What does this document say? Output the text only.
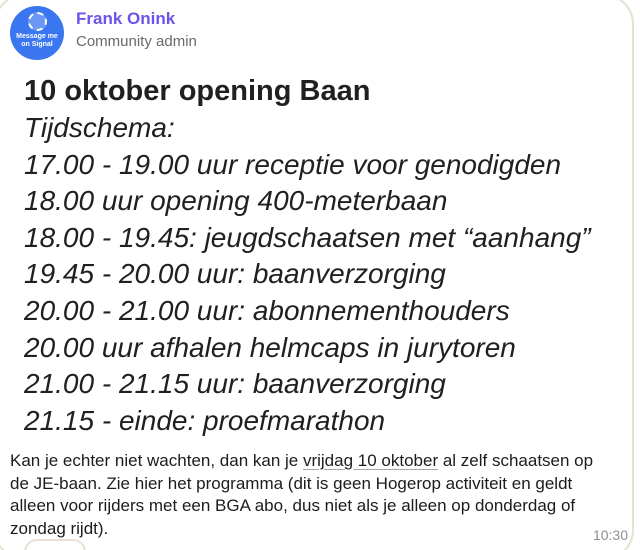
Message me
on Signal
Frank Onink
Community admin
10 oktober opening Baan
Tijdschema:
17.00 - 19.00 uur receptie voor genodigden
18.00 uur opening 400-meterbaan
18.00 - 19.45: jeugdschaatsen met “aanhang”
19.45 - 20.00 uur: baanverzorging
20.00 - 21.00 uur: abonnementhouders
20.00 uur afhalen helmcaps in jurytoren
21.00 - 21.15 uur: baanverzorging
21.15 - einde: proefmarathon
Kan je echter niet wachten, dan kan je vrijdag 10 oktober al zelf schaatsen op de JE-baan. Zie hier het programma (dit is geen Hogerop activiteit en geldt alleen voor rijders met een BGA abo, dus niet als je alleen op donderdag of zondag rijdt).	10:30
